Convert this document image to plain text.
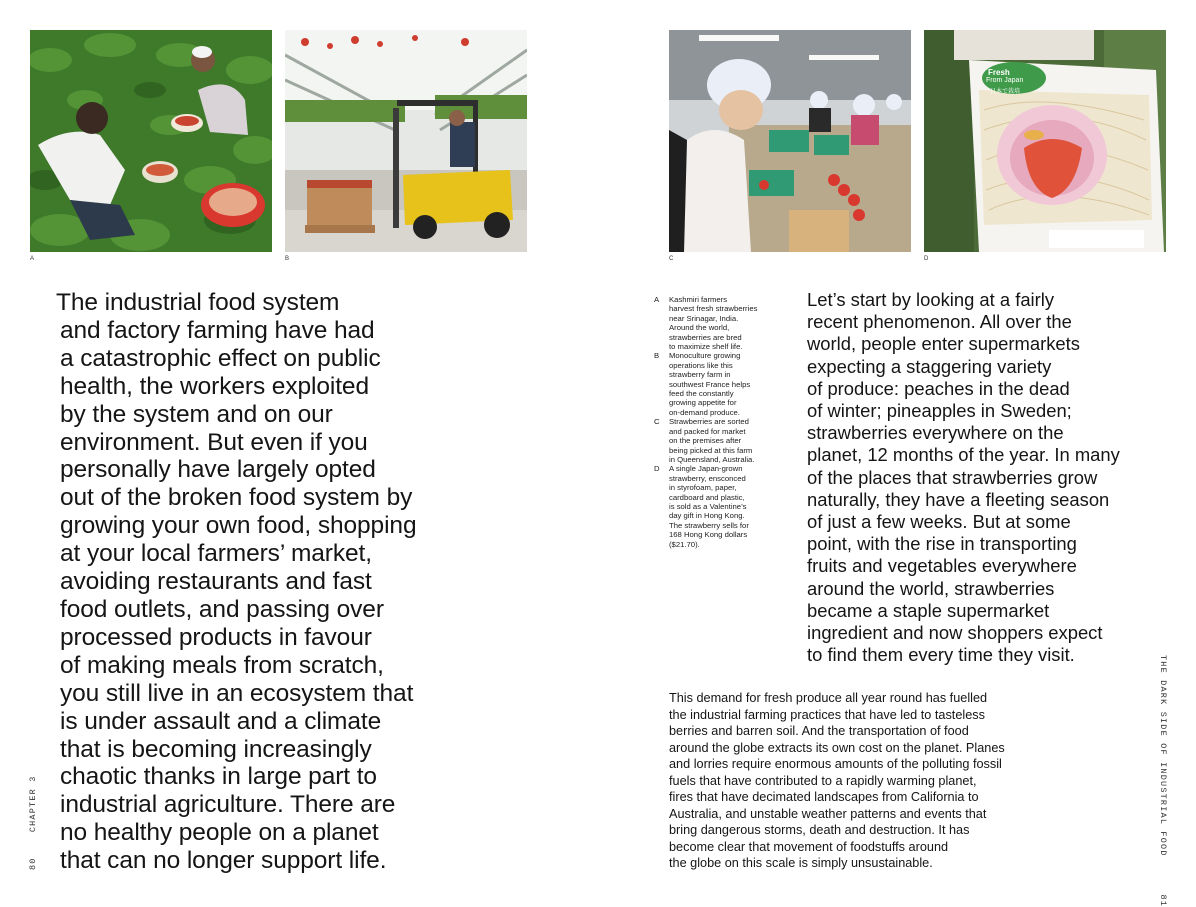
A	B	C
Fresh
From Japan
日本で栽培
D
The industrial food system
and factory farming have had
a catastrophic effect on public
health, the workers exploited
by the system and on our
environment. But even if you
personally have largely opted
out of the broken food system by
growing your own food, shopping
at your local farmers’ market,
avoiding restaurants and fast
food outlets, and passing over
processed products in favour
of making meals from scratch,
you still live in an ecosystem that
is under assault and a climate
that is becoming increasingly
chaotic thanks in large part to
industrial agriculture. There are
no healthy people on a planet
that can no longer support life.
A Kashmiri farmers
harvest fresh strawberries
near Srinagar, India.
Around the world,
strawberries are bred
to maximize shelf life.
B Monoculture growing
operations like this
strawberry farm in
southwest France helps
feed the constantly
growing appetite for
on-demand produce.
C Strawberries are sorted
and packed for market
on the premises after
being picked at this farm
in Queensland, Australia.
D A single Japan-grown
strawberry, ensconced
in styrofoam, paper,
cardboard and plastic,
is sold as a Valentine’s
day gift in Hong Kong.
The strawberry sells for
168 Hong Kong dollars
($21.70).
Let’s start by looking at a fairly
recent phenomenon. All over the
world, people enter supermarkets
expecting a staggering variety
of produce: peaches in the dead
of winter; pineapples in Sweden;
strawberries everywhere on the
planet, 12 months of the year. In many
of the places that strawberries grow
naturally, they have a fleeting season
of just a few weeks. But at some
point, with the rise in transporting
fruits and vegetables everywhere
around the world, strawberries
became a staple supermarket
ingredient and now shoppers expect
to find them every time they visit.
This demand for fresh produce all year round has fuelled
the industrial farming practices that have led to tasteless
berries and barren soil. And the transportation of food
around the globe extracts its own cost on the planet. Planes
and lorries require enormous amounts of the polluting fossil
fuels that have contributed to a rapidly warming planet,
fires that have decimated landscapes from California to
Australia, and unstable weather patterns and events that
bring dangerous storms, death and destruction. It has
become clear that movement of foodstuffs around
the globe on this scale is simply unsustainable.
80    CHAPTER 3	THE DARK SIDE OF INDUSTRIAL FOOD      81
